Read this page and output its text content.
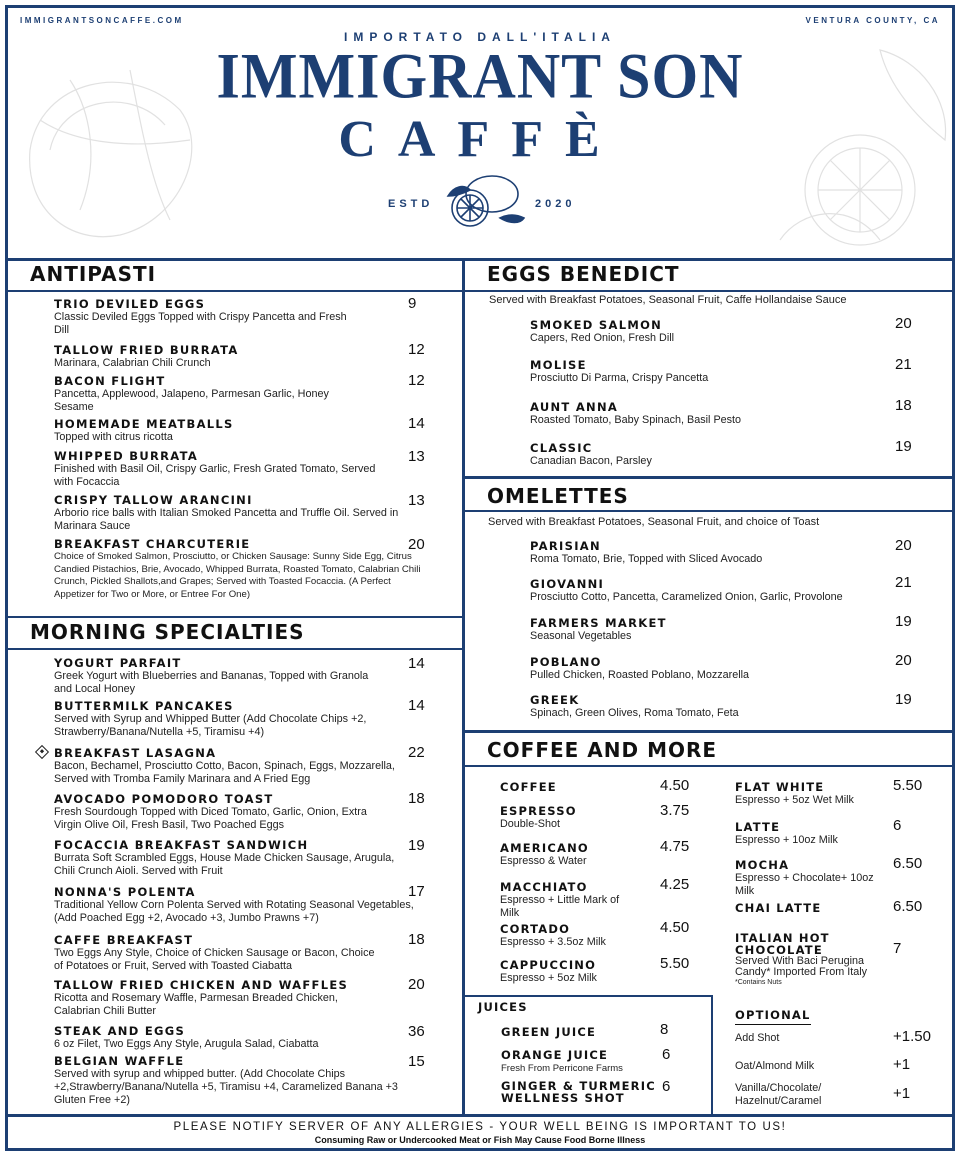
IMMIGRANTSONCAFFE.COM	VENTURA COUNTY, CA
IMPORTATO DALL'ITALIA
IMMIGRANT SON
CAFFÈ
ESTD	2020
ANTIPASTI
TRIO DEVILED EGGS
Classic Deviled Eggs Topped with Crispy Pancetta and Fresh Dill
9
TALLOW FRIED BURRATA
Marinara, Calabrian Chili Crunch
12
BACON FLIGHT
Pancetta, Applewood, Jalapeno, Parmesan Garlic, Honey Sesame
12
HOMEMADE MEATBALLS
Topped with citrus ricotta
14
WHIPPED BURRATA
Finished with Basil Oil, Crispy Garlic, Fresh Grated Tomato, Served with Focaccia
13
CRISPY TALLOW ARANCINI
Arborio rice balls with Italian Smoked Pancetta and Truffle Oil. Served in Marinara Sauce
13
BREAKFAST CHARCUTERIE
Choice of Smoked Salmon, Prosciutto, or Chicken Sausage: Sunny Side Egg, Citrus Candied Pistachios, Brie, Avocado, Whipped Burrata, Roasted Tomato, Calabrian Chili Crunch, Pickled Shallots,and Grapes; Served with Toasted Focaccia. (A Perfect Appetizer for Two or More, or Entree For One)
20
MORNING SPECIALTIES
YOGURT PARFAIT
Greek Yogurt with Blueberries and Bananas, Topped with Granola and Local Honey
14
BUTTERMILK PANCAKES
Served with Syrup and Whipped Butter (Add Chocolate Chips +2, Strawberry/Banana/Nutella +5, Tiramisu +4)
14
BREAKFAST LASAGNA
Bacon, Bechamel, Prosciutto Cotto, Bacon, Spinach, Eggs, Mozzarella, Served with Tromba Family Marinara and A Fried Egg
22
AVOCADO POMODORO TOAST
Fresh Sourdough Topped with Diced Tomato, Garlic, Onion, Extra Virgin Olive Oil, Fresh Basil, Two Poached Eggs
18
FOCACCIA BREAKFAST SANDWICH
Burrata Soft Scrambled Eggs, House Made Chicken Sausage, Arugula, Chili Crunch Aioli. Served with Fruit
19
NONNA'S POLENTA
Traditional Yellow Corn Polenta Served with Rotating Seasonal Vegetables, (Add Poached Egg +2, Avocado +3, Jumbo Prawns +7)
17
CAFFE BREAKFAST
Two Eggs Any Style, Choice of Chicken Sausage or Bacon, Choice of Potatoes or Fruit, Served with Toasted Ciabatta
18
TALLOW FRIED CHICKEN AND WAFFLES
Ricotta and Rosemary Waffle, Parmesan Breaded Chicken, Calabrian Chili Butter
20
STEAK AND EGGS
6 oz Filet, Two Eggs Any Style, Arugula Salad, Ciabatta
36
BELGIAN WAFFLE
Served with syrup and whipped butter. (Add Chocolate Chips +2,Strawberry/Banana/Nutella +5, Tiramisu +4, Caramelized Banana +3 Gluten Free +2)
15
EGGS BENEDICT
Served with Breakfast Potatoes, Seasonal Fruit, Caffe Hollandaise Sauce
SMOKED SALMON
Capers, Red Onion, Fresh Dill
20
MOLISE
Prosciutto Di Parma, Crispy Pancetta
21
AUNT ANNA
Roasted Tomato, Baby Spinach, Basil Pesto
18
CLASSIC
Canadian Bacon, Parsley
19
OMELETTES
Served with Breakfast Potatoes, Seasonal Fruit, and choice of Toast
PARISIAN
Roma Tomato, Brie, Topped with Sliced Avocado
20
GIOVANNI
Prosciutto Cotto, Pancetta, Caramelized Onion, Garlic, Provolone
21
FARMERS MARKET
Seasonal Vegetables
19
POBLANO
Pulled Chicken, Roasted Poblano, Mozzarella
20
GREEK
Spinach, Green Olives, Roma Tomato, Feta
19
COFFEE AND MORE
COFFEE	4.50
ESPRESSO
Double-Shot
3.75
AMERICANO
Espresso & Water
4.75
MACCHIATO
Espresso + Little Mark of Milk
4.25
CORTADO
Espresso + 3.5oz Milk
4.50
CAPPUCCINO
Espresso + 5oz Milk
5.50
FLAT WHITE
Espresso + 5oz Wet Milk
5.50
LATTE
Espresso + 10oz Milk
6
MOCHA
Espresso + Chocolate+ 10oz Milk
6.50
CHAI LATTE	6.50
ITALIAN HOT CHOCOLATE
Served With Baci Perugina Candy* Imported From Italy
*Contains Nuts
7
JUICES
GREEN JUICE	8
ORANGE JUICE
Fresh From Perricone Farms
6
GINGER & TURMERIC WELLNESS SHOT
6
OPTIONAL
Add Shot	+1.50
Oat/Almond Milk	+1
Vanilla/Chocolate/ Hazelnut/Caramel	+1
PLEASE NOTIFY SERVER OF ANY ALLERGIES - YOUR WELL BEING IS IMPORTANT TO US!
Consuming Raw or Undercooked Meat or Fish May Cause Food Borne Illness
